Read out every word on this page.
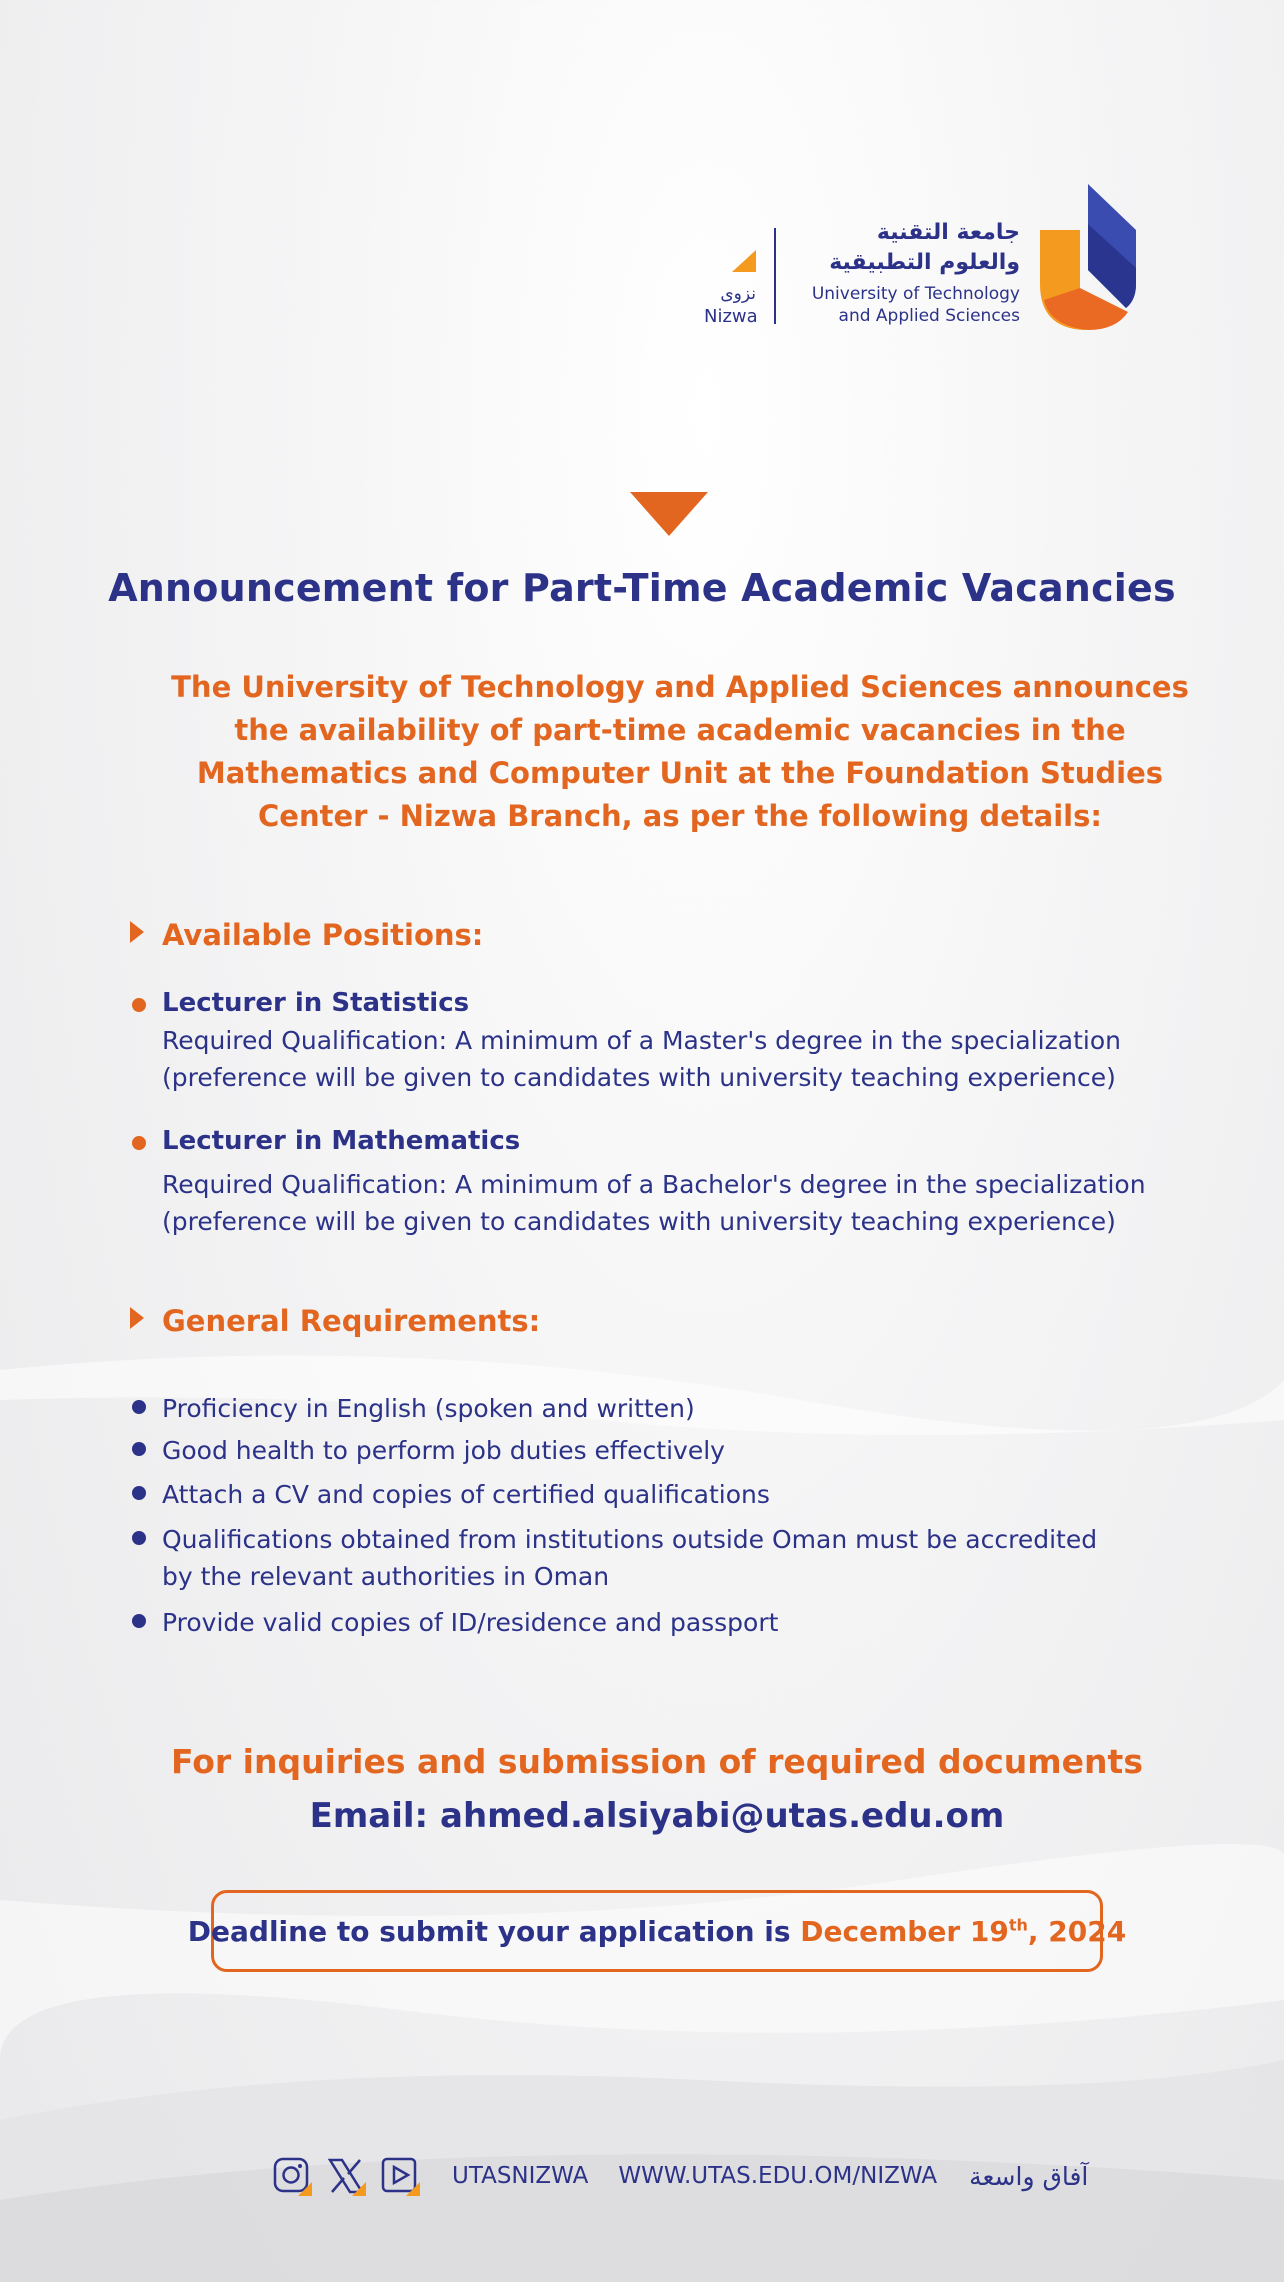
جامعة التقنية
والعلوم التطبيقية
University of Technology
and Applied Sciences
نزوى
Nizwa
Announcement for Part-Time Academic Vacancies
The University of Technology and Applied Sciences announces the availability of part-time academic vacancies in the Mathematics and Computer Unit at the Foundation Studies Center - Nizwa Branch, as per the following details:
Available Positions:
Lecturer in Statistics
Required Qualification: A minimum of a Master's degree in the specialization
(preference will be given to candidates with university teaching experience)
Lecturer in Mathematics
Required Qualification: A minimum of a Bachelor's degree in the specialization
(preference will be given to candidates with university teaching experience)
General Requirements:
Proficiency in English (spoken and written)
Good health to perform job duties effectively
Attach a CV and copies of certified qualifications
Qualifications obtained from institutions outside Oman must be accredited
by the relevant authorities in Oman
Provide valid copies of ID/residence and passport
For inquiries and submission of required documents
Email: ahmed.alsiyabi@utas.edu.om
Deadline to submit your application is
December 19th, 2024
UTASNIZWA WWW.UTAS.EDU.OM/NIZWA آفاق واسعة
